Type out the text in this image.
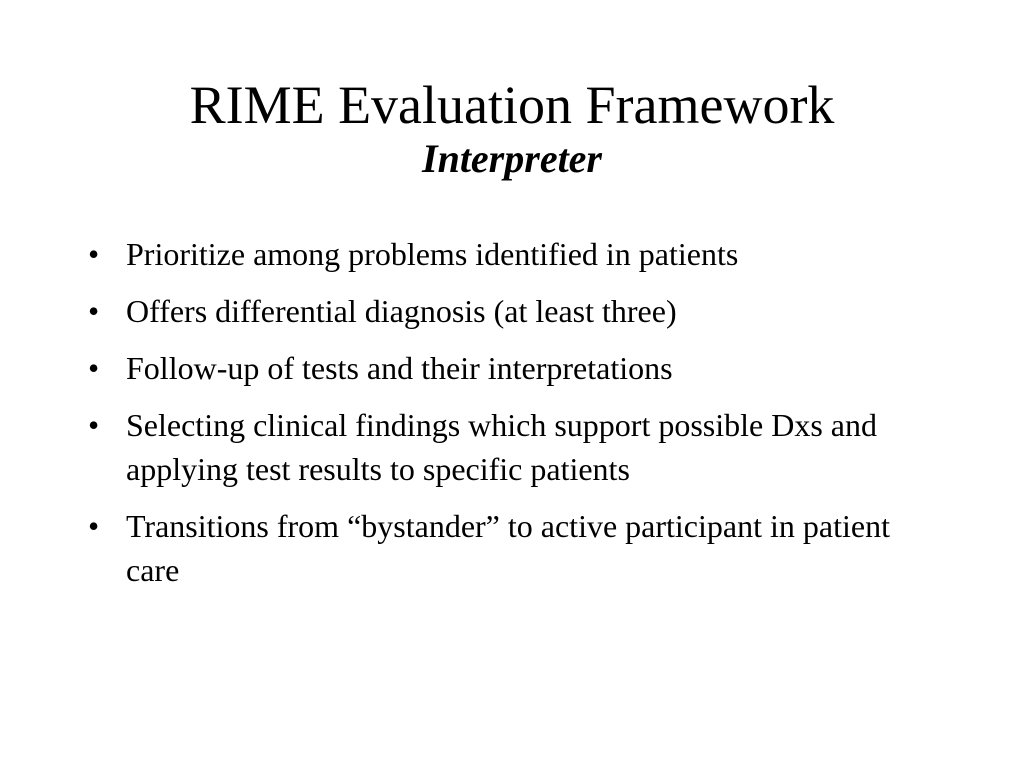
RIME Evaluation Framework
Interpreter
• Prioritize among problems identified in patients
• Offers differential diagnosis (at least three)
• Follow-up of tests and their interpretations
• Selecting clinical findings which support possible Dxs and applying test results to specific patients
• Transitions from “bystander” to active participant in patient care
